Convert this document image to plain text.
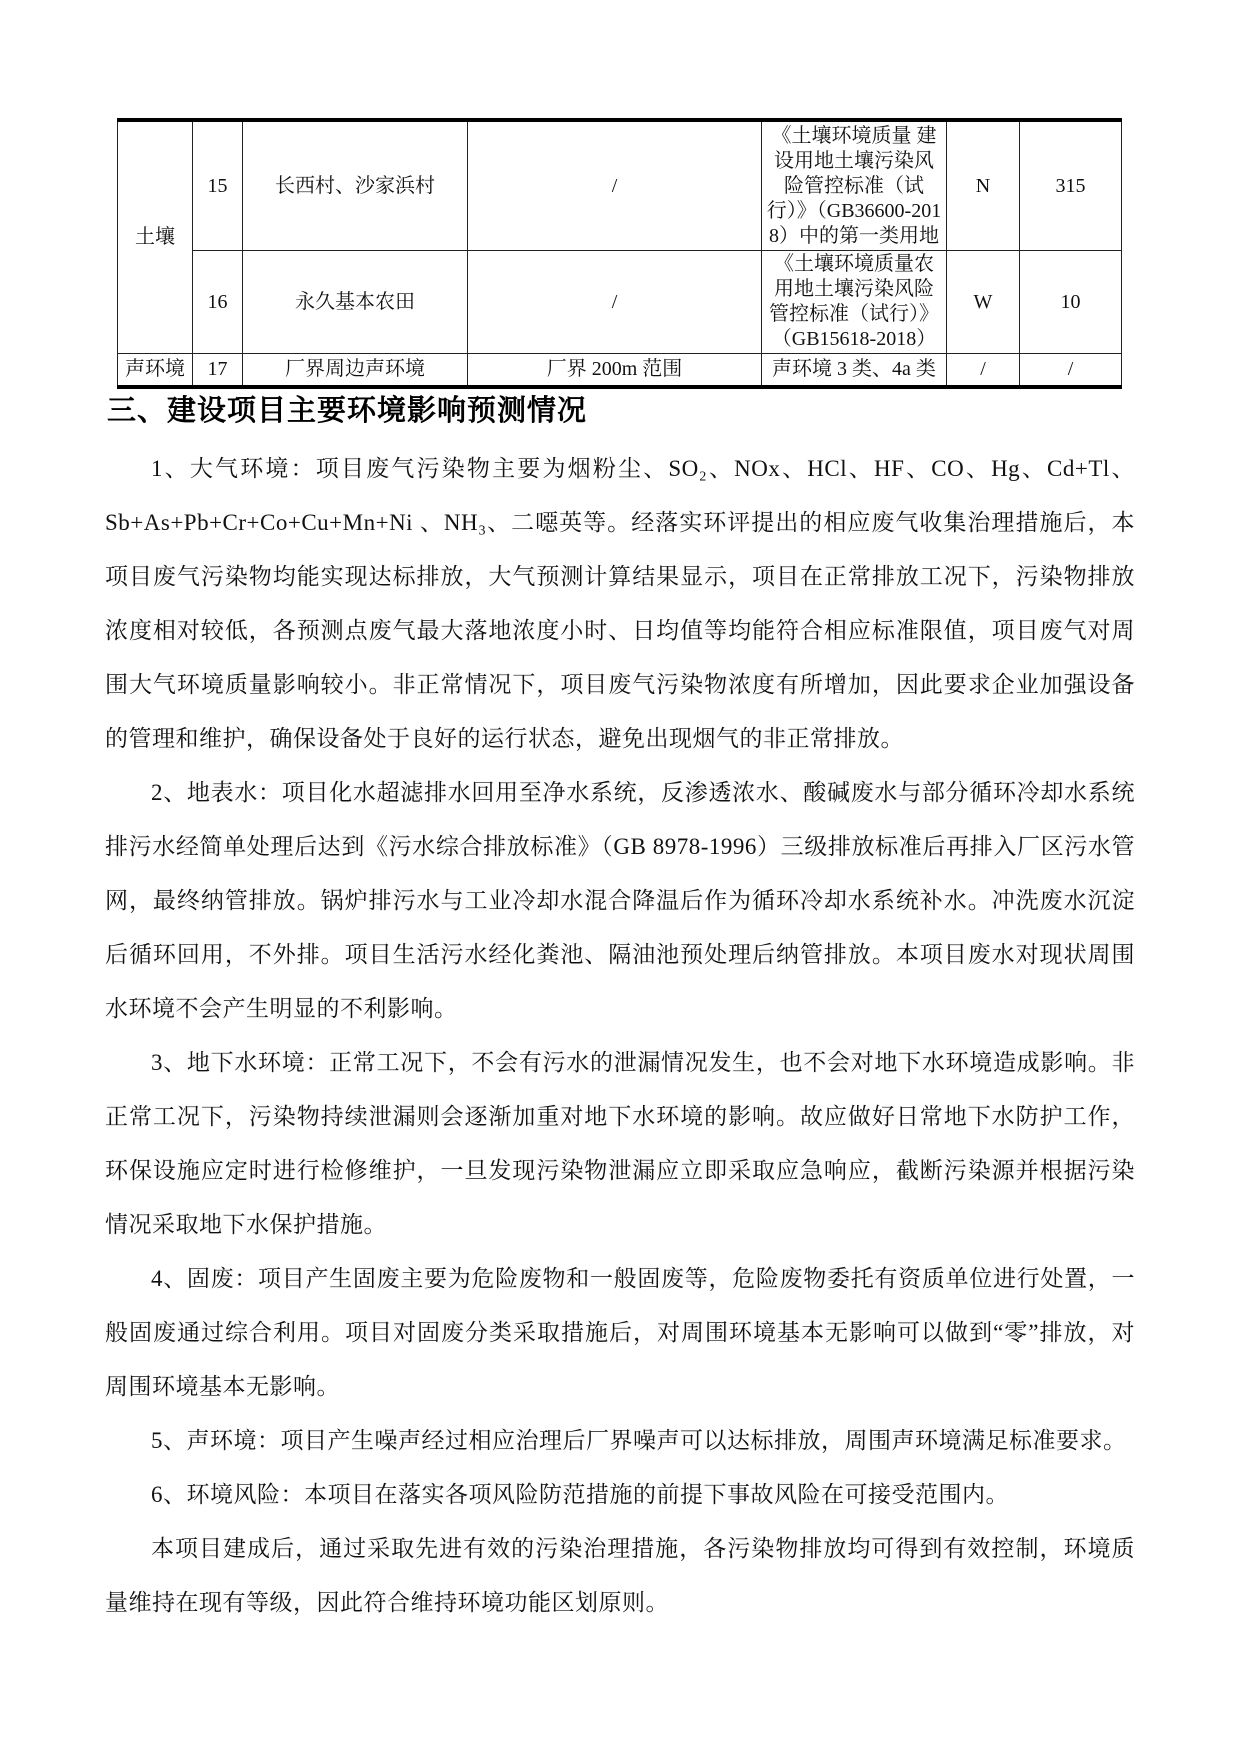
土壤	15	长西村、沙家浜村	/	《土壤环境质量 建设用地土壤污染风险管控标准（试行）》（GB36600-2018）中的第一类用地	N	315
	16	永久基本农田	/	《土壤环境质量农用地土壤污染风险管控标准（试行）》（GB15618-2018）	W	10
声环境	17	厂界周边声环境	厂界 200m 范围	声环境 3 类、4a 类	/	/
三、建设项目主要环境影响预测情况

1、大气环境：项目废气污染物主要为烟粉尘、SO₂、NOx、HCl、HF、CO、Hg、Cd+Tl、Sb+As+Pb+Cr+Co+Cu+Mn+Ni 、NH₃、二噁英等。经落实环评提出的相应废气收集治理措施后，本项目废气污染物均能实现达标排放，大气预测计算结果显示，项目在正常排放工况下，污染物排放浓度相对较低，各预测点废气最大落地浓度小时、日均值等均能符合相应标准限值，项目废气对周围大气环境质量影响较小。非正常情况下，项目废气污染物浓度有所增加，因此要求企业加强设备的管理和维护，确保设备处于良好的运行状态，避免出现烟气的非正常排放。

2、地表水：项目化水超滤排水回用至净水系统，反渗透浓水、酸碱废水与部分循环冷却水系统排污水经简单处理后达到《污水综合排放标准》（GB 8978-1996）三级排放标准后再排入厂区污水管网，最终纳管排放。锅炉排污水与工业冷却水混合降温后作为循环冷却水系统补水。冲洗废水沉淀后循环回用，不外排。项目生活污水经化粪池、隔油池预处理后纳管排放。本项目废水对现状周围水环境不会产生明显的不利影响。

3、地下水环境：正常工况下，不会有污水的泄漏情况发生，也不会对地下水环境造成影响。非正常工况下，污染物持续泄漏则会逐渐加重对地下水环境的影响。故应做好日常地下水防护工作，环保设施应定时进行检修维护，一旦发现污染物泄漏应立即采取应急响应，截断污染源并根据污染情况采取地下水保护措施。

4、固废：项目产生固废主要为危险废物和一般固废等，危险废物委托有资质单位进行处置，一般固废通过综合利用。项目对固废分类采取措施后，对周围环境基本无影响可以做到“零”排放，对周围环境基本无影响。

5、声环境：项目产生噪声经过相应治理后厂界噪声可以达标排放，周围声环境满足标准要求。

6、环境风险：本项目在落实各项风险防范措施的前提下事故风险在可接受范围内。

本项目建成后，通过采取先进有效的污染治理措施，各污染物排放均可得到有效控制，环境质量维持在现有等级，因此符合维持环境功能区划原则。
